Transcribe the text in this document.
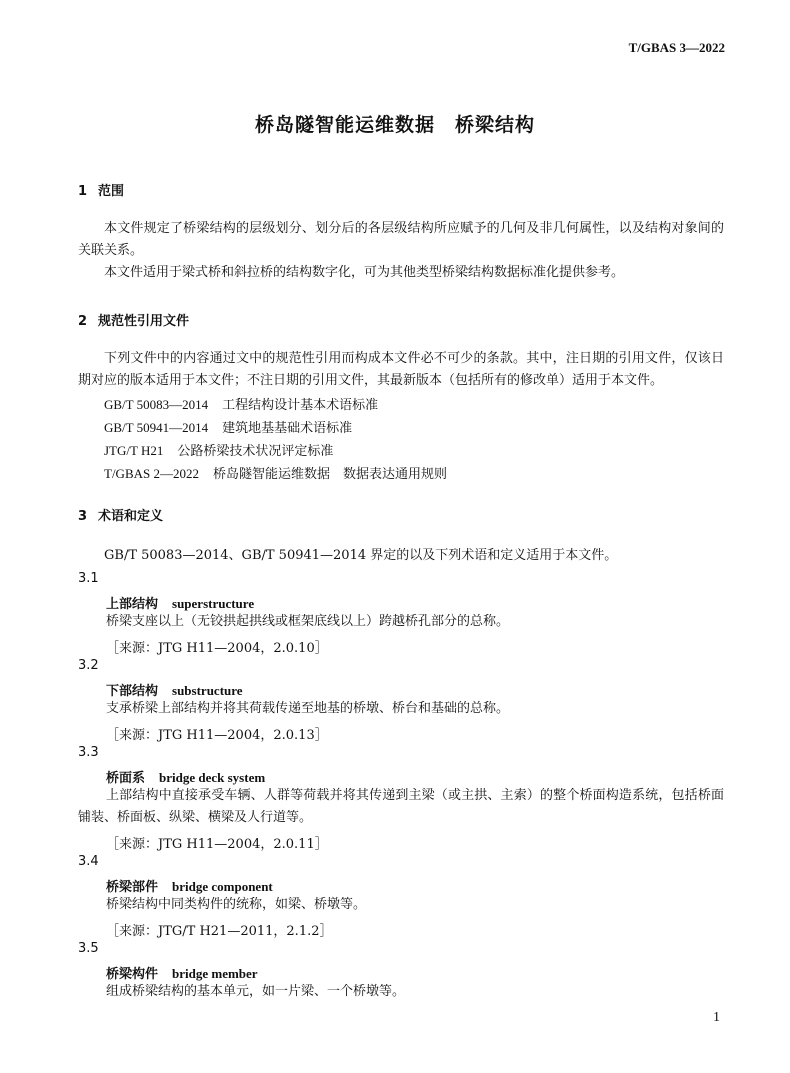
T/GBAS 3—2022
桥岛隧智能运维数据　桥梁结构
1 范围

本文件规定了桥梁结构的层级划分、划分后的各层级结构所应赋予的几何及非几何属性，以及结构对象间的关联关系。

本文件适用于梁式桥和斜拉桥的结构数字化，可为其他类型桥梁结构数据标准化提供参考。

2 规范性引用文件

下列文件中的内容通过文中的规范性引用而构成本文件必不可少的条款。其中，注日期的引用文件，仅该日期对应的版本适用于本文件；不注日期的引用文件，其最新版本（包括所有的修改单）适用于本文件。

GB/T 50083—2014 工程结构设计基本术语标准
GB/T 50941—2014 建筑地基基础术语标准
JTG/T H21 公路桥梁技术状况评定标准
T/GBAS 2—2022 桥岛隧智能运维数据　数据表达通用规则
3 术语和定义

GB/T 50083—2014、GB/T 50941—2014 界定的以及下列术语和定义适用于本文件。

3.1
上部结构 superstructure

桥梁支座以上（无铰拱起拱线或框架底线以上）跨越桥孔部分的总称。

［来源：JTG H11—2004，2.0.10］
3.2
下部结构 substructure

支承桥梁上部结构并将其荷载传递至地基的桥墩、桥台和基础的总称。

［来源：JTG H11—2004，2.0.13］
3.3
桥面系 bridge deck system

上部结构中直接承受车辆、人群等荷载并将其传递到主梁（或主拱、主索）的整个桥面构造系统，包括桥面铺装、桥面板、纵梁、横梁及人行道等。

［来源：JTG H11—2004，2.0.11］
3.4
桥梁部件 bridge component

桥梁结构中同类构件的统称，如梁、桥墩等。

［来源：JTG/T H21—2011，2.1.2］
3.5
桥梁构件 bridge member

组成桥梁结构的基本单元，如一片梁、一个桥墩等。

1
